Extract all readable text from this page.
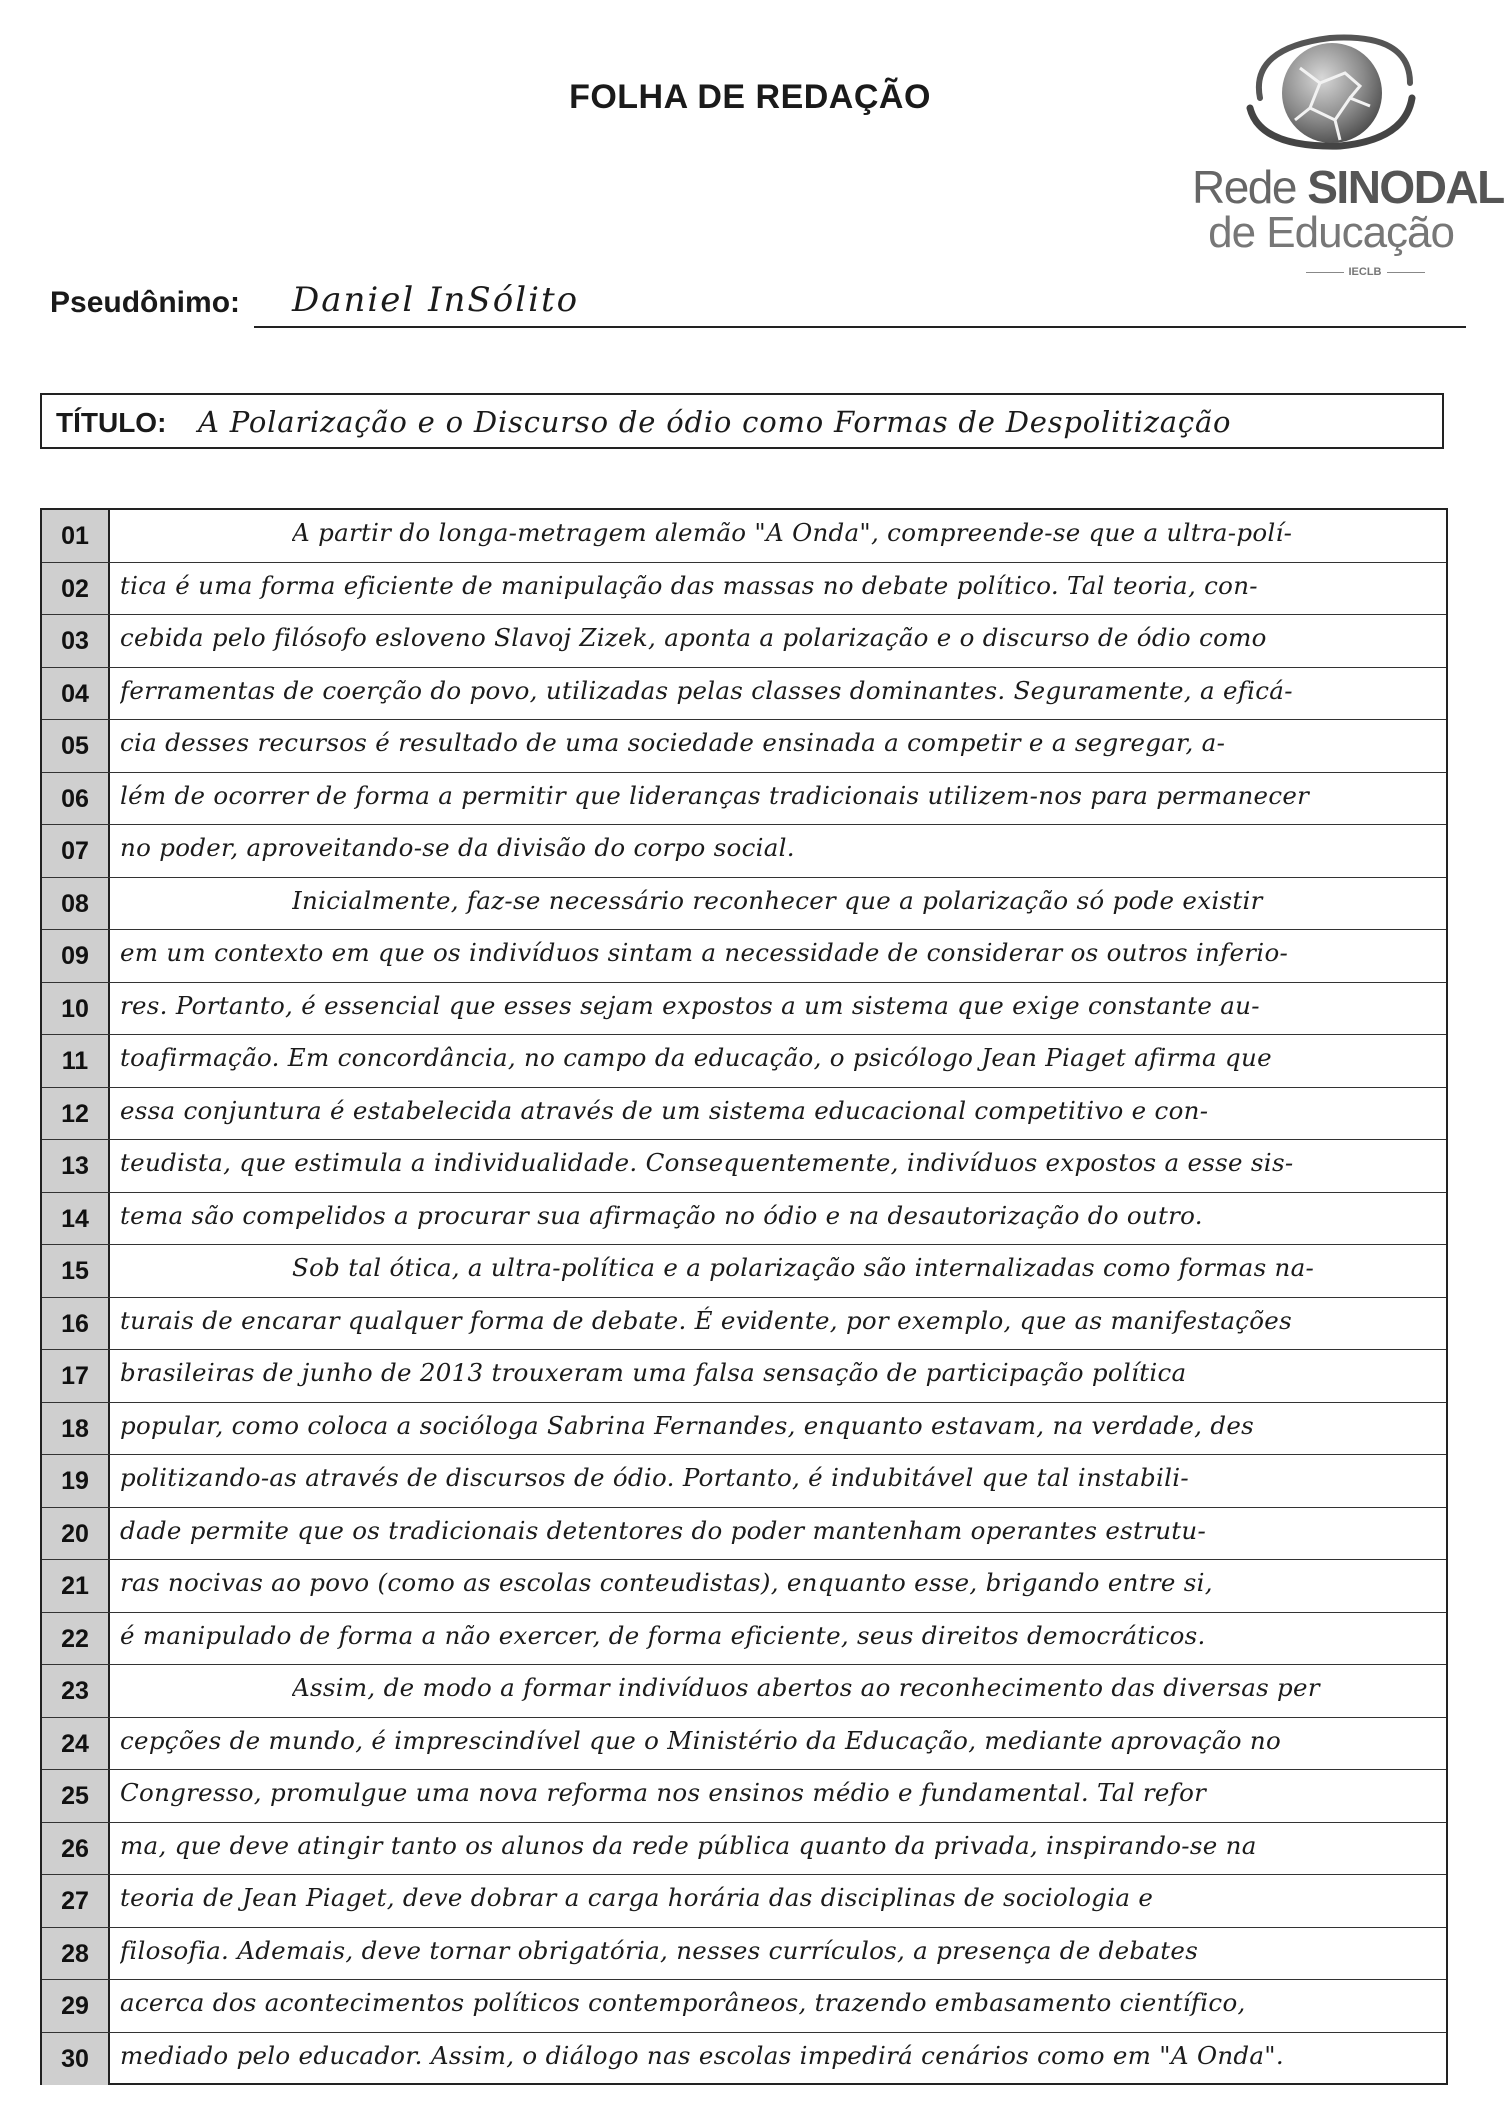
FOLHA DE REDAÇÃO
Rede SINODAL
de Educação
IECLB
Pseudônimo: Daniel InSólito
TÍTULO: A Polarização e o Discurso de ódio como Formas de Despolitização
01	A partir do longa-metragem alemão "A Onda", compreende-se que a ultra-polí-
02	tica é uma forma eficiente de manipulação das massas no debate político. Tal teoria, con-
03	cebida pelo filósofo esloveno Slavoj Zizek, aponta a polarização e o discurso de ódio como
04	ferramentas de coerção do povo, utilizadas pelas classes dominantes. Seguramente, a eficá-
05	cia desses recursos é resultado de uma sociedade ensinada a competir e a segregar, a-
06	lém de ocorrer de forma a permitir que lideranças tradicionais utilizem-nos para permanecer
07	no poder, aproveitando-se da divisão do corpo social.
08	Inicialmente, faz-se necessário reconhecer que a polarização só pode existir
09	em um contexto em que os indivíduos sintam a necessidade de considerar os outros inferio-
10	res. Portanto, é essencial que esses sejam expostos a um sistema que exige constante au-
11	toafirmação. Em concordância, no campo da educação, o psicólogo Jean Piaget afirma que
12	essa conjuntura é estabelecida através de um sistema educacional competitivo e con-
13	teudista, que estimula a individualidade. Consequentemente, indivíduos expostos a esse sis-
14	tema são compelidos a procurar sua afirmação no ódio e na desautorização do outro.
15	Sob tal ótica, a ultra-política e a polarização são internalizadas como formas na-
16	turais de encarar qualquer forma de debate. É evidente, por exemplo, que as manifestações
17	brasileiras de junho de 2013 trouxeram uma falsa sensação de participação política
18	popular, como coloca a socióloga Sabrina Fernandes, enquanto estavam, na verdade, des
19	politizando-as através de discursos de ódio. Portanto, é indubitável que tal instabili-
20	dade permite que os tradicionais detentores do poder mantenham operantes estrutu-
21	ras nocivas ao povo (como as escolas conteudistas), enquanto esse, brigando entre si,
22	é manipulado de forma a não exercer, de forma eficiente, seus direitos democráticos.
23	Assim, de modo a formar indivíduos abertos ao reconhecimento das diversas per
24	cepções de mundo, é imprescindível que o Ministério da Educação, mediante aprovação no
25	Congresso, promulgue uma nova reforma nos ensinos médio e fundamental. Tal refor
26	ma, que deve atingir tanto os alunos da rede pública quanto da privada, inspirando-se na
27	teoria de Jean Piaget, deve dobrar a carga horária das disciplinas de sociologia e
28	filosofia. Ademais, deve tornar obrigatória, nesses currículos, a presença de debates
29	acerca dos acontecimentos políticos contemporâneos, trazendo embasamento científico,
30	mediado pelo educador. Assim, o diálogo nas escolas impedirá cenários como em "A Onda".
